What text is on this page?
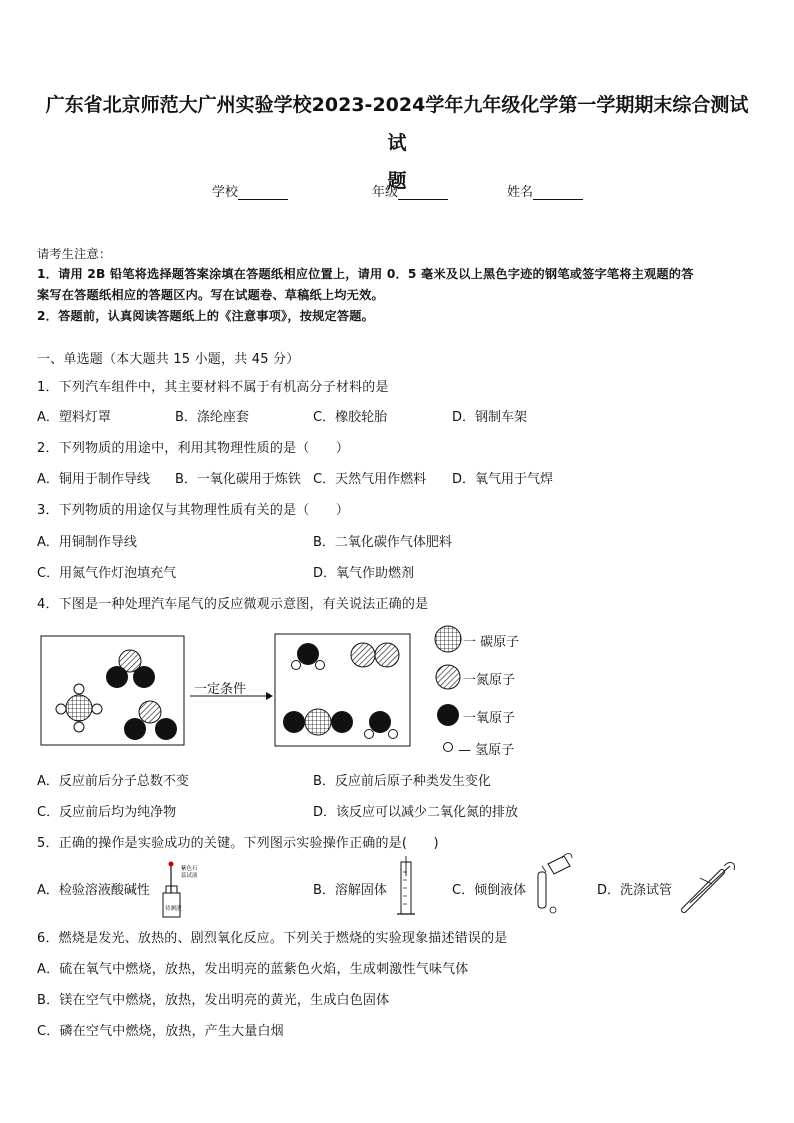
广东省北京师范大广州实验学校2023-2024学年九年级化学第一学期期末综合测试试
题
学校	年级	姓名
请考生注意：
1．请用 2B 铅笔将选择题答案涂填在答题纸相应位置上，请用 0．5 毫米及以上黑色字迹的钢笔或签字笔将主观题的答
案写在答题纸相应的答题区内。写在试题卷、草稿纸上均无效。
2．答题前，认真阅读答题纸上的《注意事项》，按规定答题。
一、单选题（本大题共 15 小题，共 45 分）
1．下列汽车组件中，其主要材料不属于有机高分子材料的是
A．塑料灯罩	B．涤纶座套	C．橡胶轮胎	D．钢制车架
2．下列物质的用途中，利用其物理性质的是（　　）
A．铜用于制作导线 B．一氧化碳用于炼铁 C．天然气用作燃料 D．氧气用于气焊
3．下列物质的用途仅与其物理性质有关的是（　　）
A．用铜制作导线	B．二氧化碳作气体肥料
C．用氮气作灯泡填充气	D．氧气作助燃剂
4．下图是一种处理汽车尾气的反应微观示意图，有关说法正确的是
紫色石
蕊试液
待测液
一定条件
一 碳原子
一氮原子
一氧原子
— 氢原子
A．反应前后分子总数不变	B．反应前后原子种类发生变化
C．反应前后均为纯净物	D．该反应可以减少二氧化氮的排放
5．正确的操作是实验成功的关键。下列图示实验操作正确的是(　　)
A．检验溶液酸碱性	B．溶解固体	C．倾倒液体	D．洗涤试管
6．燃烧是发光、放热的、剧烈氧化反应。下列关于燃烧的实验现象描述错误的是
A．硫在氧气中燃烧，放热，发出明亮的蓝紫色火焰，生成刺激性气味气体
B．镁在空气中燃烧，放热，发出明亮的黄光，生成白色固体
C．磷在空气中燃烧，放热，产生大量白烟
